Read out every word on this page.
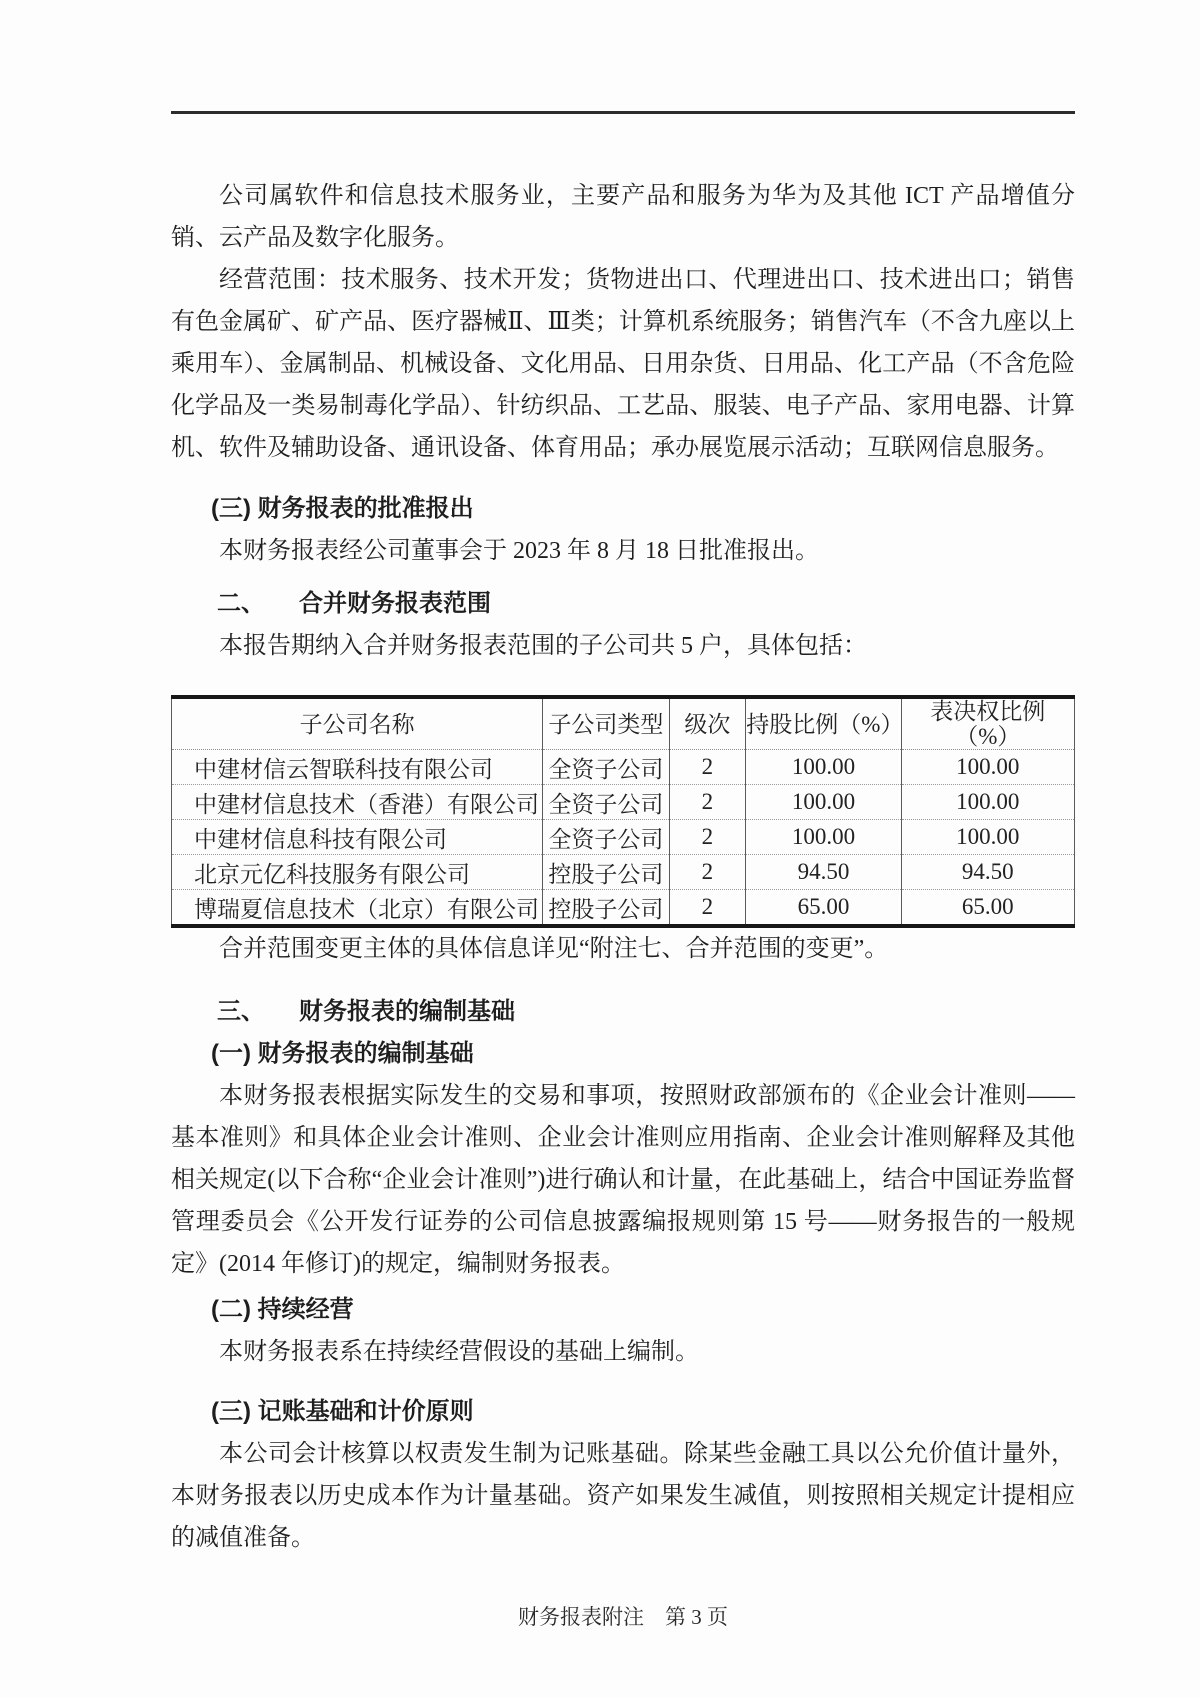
公司属软件和信息技术服务业，主要产品和服务为华为及其他 ICT 产品增值分销、云产品及数字化服务。

经营范围：技术服务、技术开发；货物进出口、代理进出口、技术进出口；销售有色金属矿、矿产品、医疗器械Ⅱ、Ⅲ类；计算机系统服务；销售汽车（不含九座以上乘用车）、金属制品、机械设备、文化用品、日用杂货、日用品、化工产品（不含危险化学品及一类易制毒化学品）、针纺织品、工艺品、服装、电子产品、家用电器、计算机、软件及辅助设备、通讯设备、体育用品；承办展览展示活动；互联网信息服务。

(三) 财务报表的批准报出

本财务报表经公司董事会于 2023 年 8 月 18 日批准报出。

二、	合并财务报表范围

本报告期纳入合并财务报表范围的子公司共 5 户，具体包括：

子公司名称	子公司类型	级次	持股比例（%）	表决权比例
（%）

中建材信云智联科技有限公司	全资子公司	2	100.00	100.00
中建材信息技术（香港）有限公司	全资子公司	2	100.00	100.00
中建材信息科技有限公司	全资子公司	2	100.00	100.00
北京元亿科技服务有限公司	控股子公司	2	94.50	94.50
博瑞夏信息技术（北京）有限公司	控股子公司	2	65.00	65.00

合并范围变更主体的具体信息详见“附注七、合并范围的变更”。

三、	财务报表的编制基础
(一) 财务报表的编制基础

本财务报表根据实际发生的交易和事项，按照财政部颁布的《企业会计准则——基本准则》和具体企业会计准则、企业会计准则应用指南、企业会计准则解释及其他相关规定(以下合称“企业会计准则”)进行确认和计量，在此基础上，结合中国证券监督管理委员会《公开发行证券的公司信息披露编报规则第 15 号——财务报告的一般规定》(2014 年修订)的规定，编制财务报表。

(二) 持续经营

本财务报表系在持续经营假设的基础上编制。

(三) 记账基础和计价原则

本公司会计核算以权责发生制为记账基础。除某些金融工具以公允价值计量外，本财务报表以历史成本作为计量基础。资产如果发生减值，则按照相关规定计提相应的减值准备。

财务报表附注　第 3 页
